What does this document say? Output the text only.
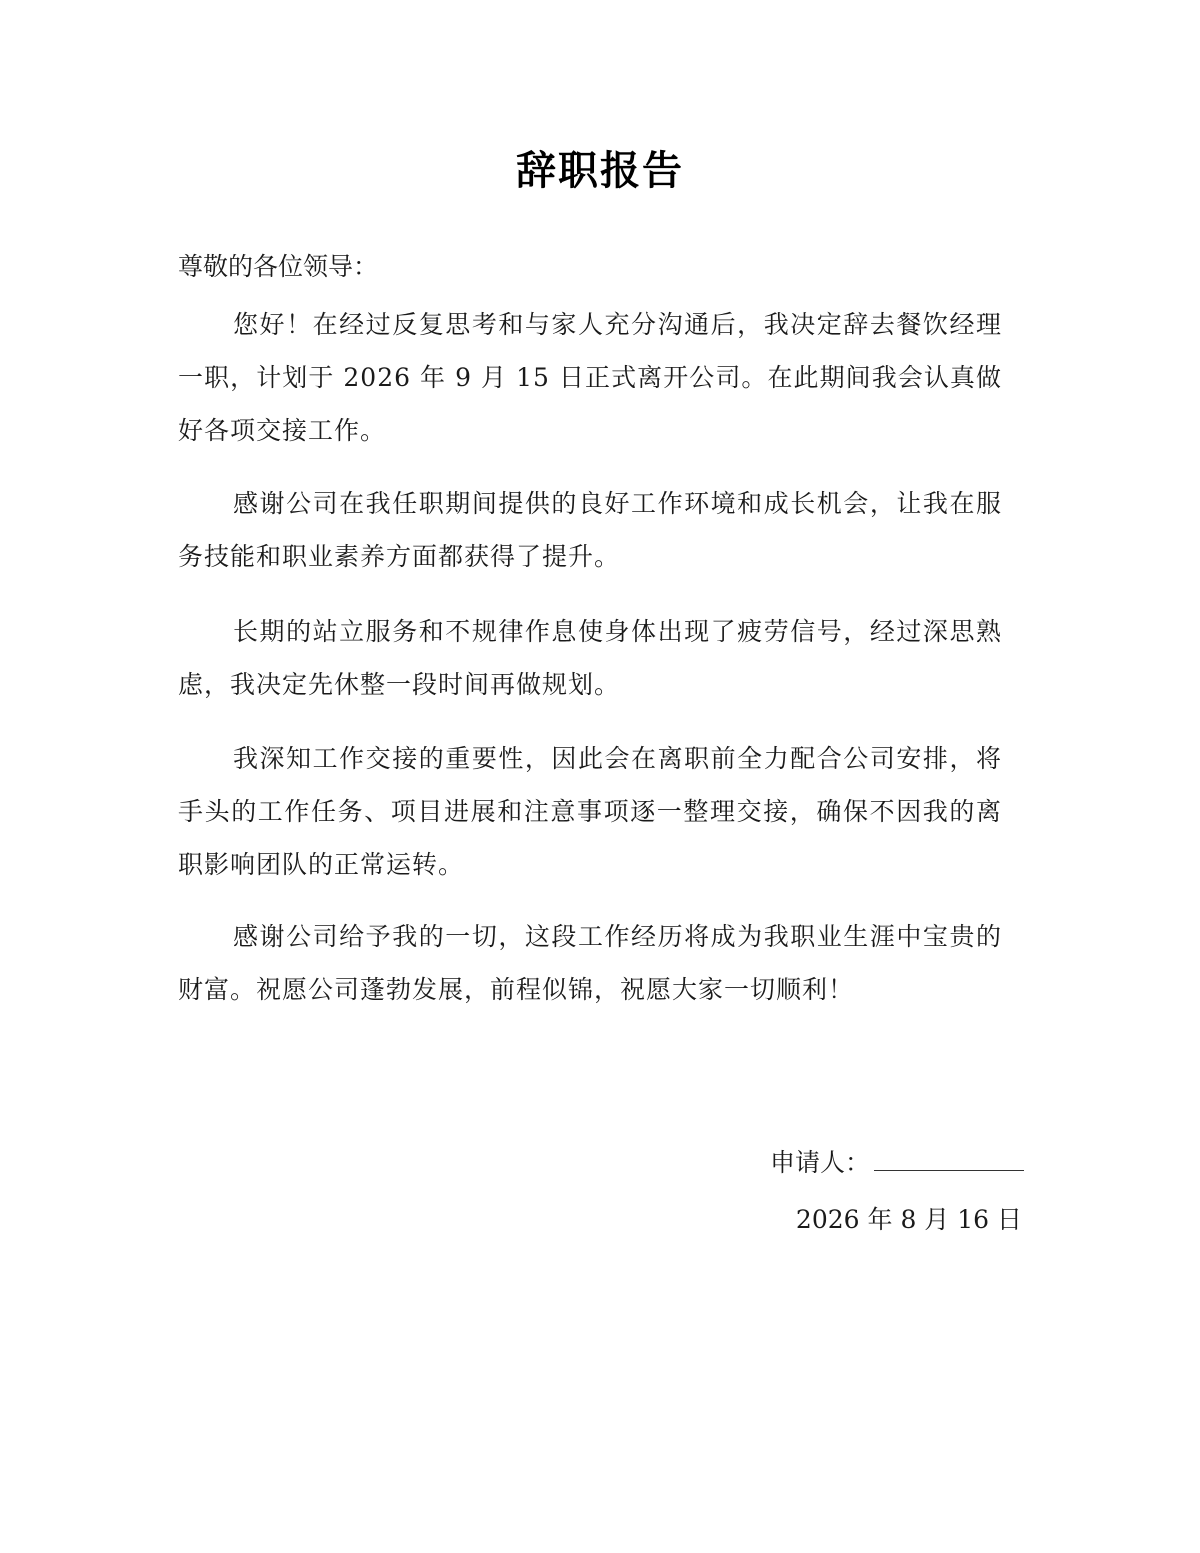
辞职报告

尊敬的各位领导：

您好！在经过反复思考和与家人充分沟通后，我决定辞去餐饮经理一职，计划于 2026 年 9 月 15 日正式离开公司。在此期间我会认真做好各项交接工作。

感谢公司在我任职期间提供的良好工作环境和成长机会，让我在服务技能和职业素养方面都获得了提升。

长期的站立服务和不规律作息使身体出现了疲劳信号，经过深思熟虑，我决定先休整一段时间再做规划。

我深知工作交接的重要性，因此会在离职前全力配合公司安排，将手头的工作任务、项目进展和注意事项逐一整理交接，确保不因我的离职影响团队的正常运转。

感谢公司给予我的一切，这段工作经历将成为我职业生涯中宝贵的财富。祝愿公司蓬勃发展，前程似锦，祝愿大家一切顺利！

申请人：

2026 年 8 月 16 日
